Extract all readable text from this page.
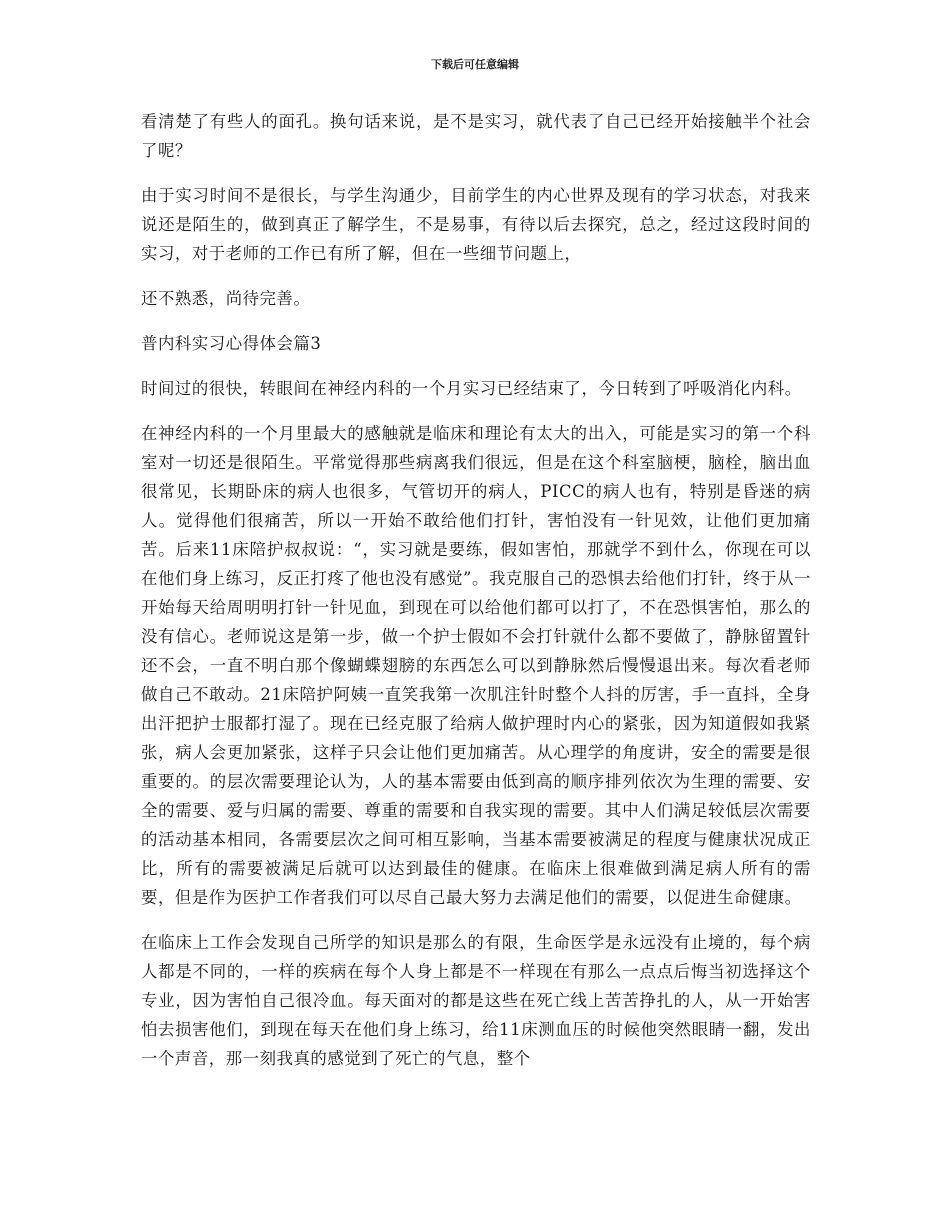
下载后可任意编辑

看清楚了有些人的面孔。换句话来说，是不是实习，就代表了自己已经开始接触半个社会了呢？

由于实习时间不是很长，与学生沟通少，目前学生的内心世界及现有的学习状态，对我来说还是陌生的，做到真正了解学生，不是易事，有待以后去探究，总之，经过这段时间的实习，对于老师的工作已有所了解，但在一些细节问题上，

还不熟悉，尚待完善。

普内科实习心得体会篇3

时间过的很快，转眼间在神经内科的一个月实习已经结束了，今日转到了呼吸消化内科。

在神经内科的一个月里最大的感触就是临床和理论有太大的出入，可能是实习的第一个科室对一切还是很陌生。平常觉得那些病离我们很远，但是在这个科室脑梗，脑栓，脑出血很常见，长期卧床的病人也很多，气管切开的病人，PICC的病人也有，特别是昏迷的病人。觉得他们很痛苦，所以一开始不敢给他们打针，害怕没有一针见效，让他们更加痛苦。后来11床陪护叔叔说：“，实习就是要练，假如害怕，那就学不到什么，你现在可以在他们身上练习，反正打疼了他也没有感觉”。我克服自己的恐惧去给他们打针，终于从一开始每天给周明明打针一针见血，到现在可以给他们都可以打了，不在恐惧害怕，那么的没有信心。老师说这是第一步，做一个护士假如不会打针就什么都不要做了，静脉留置针还不会，一直不明白那个像蝴蝶翅膀的东西怎么可以到静脉然后慢慢退出来。每次看老师做自己不敢动。21床陪护阿姨一直笑我第一次肌注针时整个人抖的厉害，手一直抖，全身出汗把护士服都打湿了。现在已经克服了给病人做护理时内心的紧张，因为知道假如我紧张，病人会更加紧张，这样子只会让他们更加痛苦。从心理学的角度讲，安全的需要是很重要的。的层次需要理论认为，人的基本需要由低到高的顺序排列依次为生理的需要、安全的需要、爱与归属的需要、尊重的需要和自我实现的需要。其中人们满足较低层次需要的活动基本相同，各需要层次之间可相互影响，当基本需要被满足的程度与健康状况成正比，所有的需要被满足后就可以达到最佳的健康。在临床上很难做到满足病人所有的需要，但是作为医护工作者我们可以尽自己最大努力去满足他们的需要，以促进生命健康。

在临床上工作会发现自己所学的知识是那么的有限，生命医学是永远没有止境的，每个病人都是不同的，一样的疾病在每个人身上都是不一样现在有那么一点点后悔当初选择这个专业，因为害怕自己很冷血。每天面对的都是这些在死亡线上苦苦挣扎的人，从一开始害怕去损害他们，到现在每天在他们身上练习，给11床测血压的时候他突然眼睛一翻，发出一个声音，那一刻我真的感觉到了死亡的气息，整个
